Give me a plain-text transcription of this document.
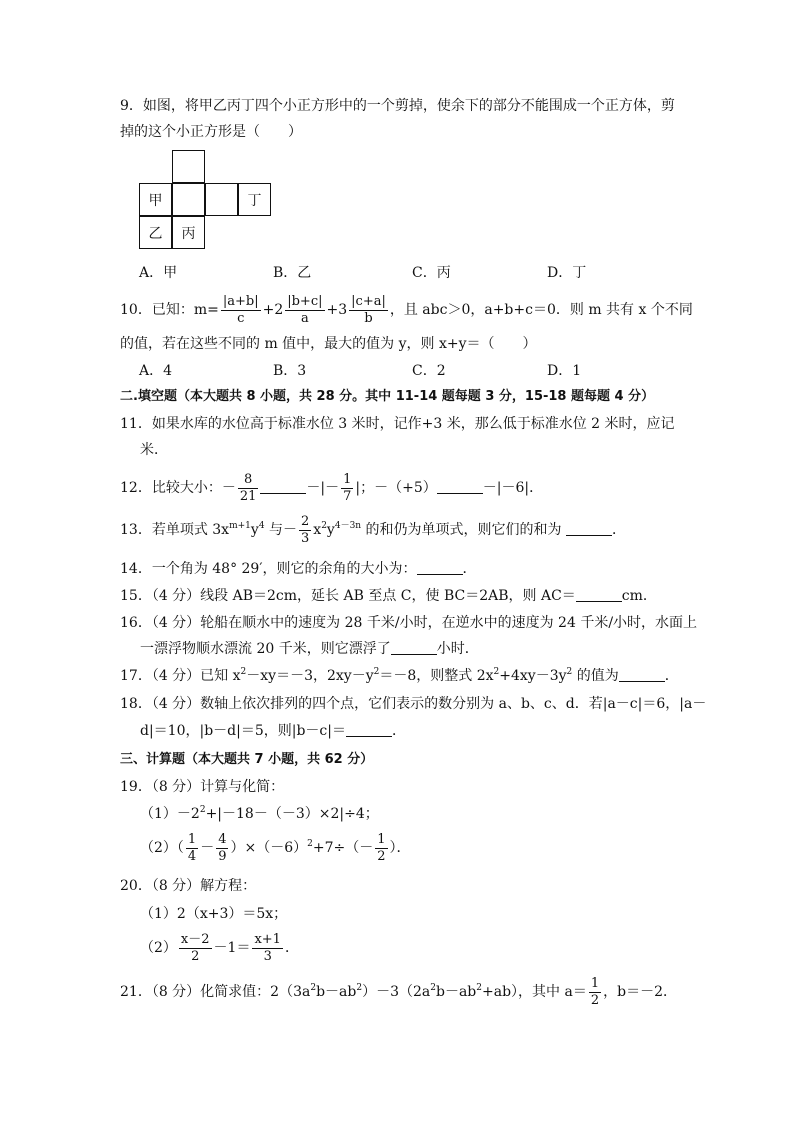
9．如图，将甲乙丙丁四个小正方形中的一个剪掉，使余下的部分不能围成一个正方体，剪
掉的这个小正方形是（　　）
甲	丁
乙 丙
A．甲	B．乙	C．丙	D．丁
10．已知：$m= \frac{|a+b|}{c} +2 \frac{|b+c|}{a} +3 \frac{|c+a|}{b}$ ，且 abc＞0，a+b+c＝0．则 m 共有 x 个不同
的值，若在这些不同的 m 值中，最大的值为 y，则 x+y＝（　　）
A．4	B．3	C．2	D．1
二.填空题（本大题共 8 小题，共 28 分。其中 11-14 题每题 3 分，15-18 题每题 4 分）
11．如果水库的水位高于标准水位 3 米时，记作+3 米，那么低于标准水位 2 米时，应记
米．
12．比较大小：－ $\frac{8}{21}$	－|－ $\frac{1}{7}$ |；－（+5）	－|－6|．
13．若单项式 $3x^{m+1}y^4$ 与－ $\frac{2}{3} x^2y^{4-3n}$ 的和仍为单项式，则它们的和为	．
14．一个角为 48° 29′，则它的余角的大小为：	．
15．（4 分）线段 AB＝2cm，延长 AB 至点 C，使 BC＝2AB，则 AC＝	cm．
16．（4 分）轮船在顺水中的速度为 28 千米/小时，在逆水中的速度为 24 千米/小时，水面上
一漂浮物顺水漂流 20 千米，则它漂浮了	小时．
17．（4 分）已知 $x^2-xy=-3$，$2xy-y^2=-8$，则整式 $2x^2+4xy-3y^2$ 的值为	．
18．（4 分）数轴上依次排列的四个点，它们表示的数分别为 a、b、c、d．若|a－c|＝6，|a－
d|＝10，|b－d|＝5，则|b－c|＝	．
三、计算题（本大题共 7 小题，共 62 分）
19．（8 分）计算与化简：
$(1)-2^2+|-18-(-3)\times 2|\div 4$；
$(2)( \frac{1}{4} - \frac{4}{9} )\times(-6)^2+7\div(- \frac{1}{2}$ ）．
20．（8 分）解方程：
（1）2（x+3）＝5x；
$(2) \frac{x-2}{2} -1= \frac{x+1}{3}$ ．
21．（8 分）化简求值：$2(3a^2b-ab^2)-3(2a^2b-ab^2+ab)$，其中 $a= \frac{1}{2}$ ，b＝－2．
